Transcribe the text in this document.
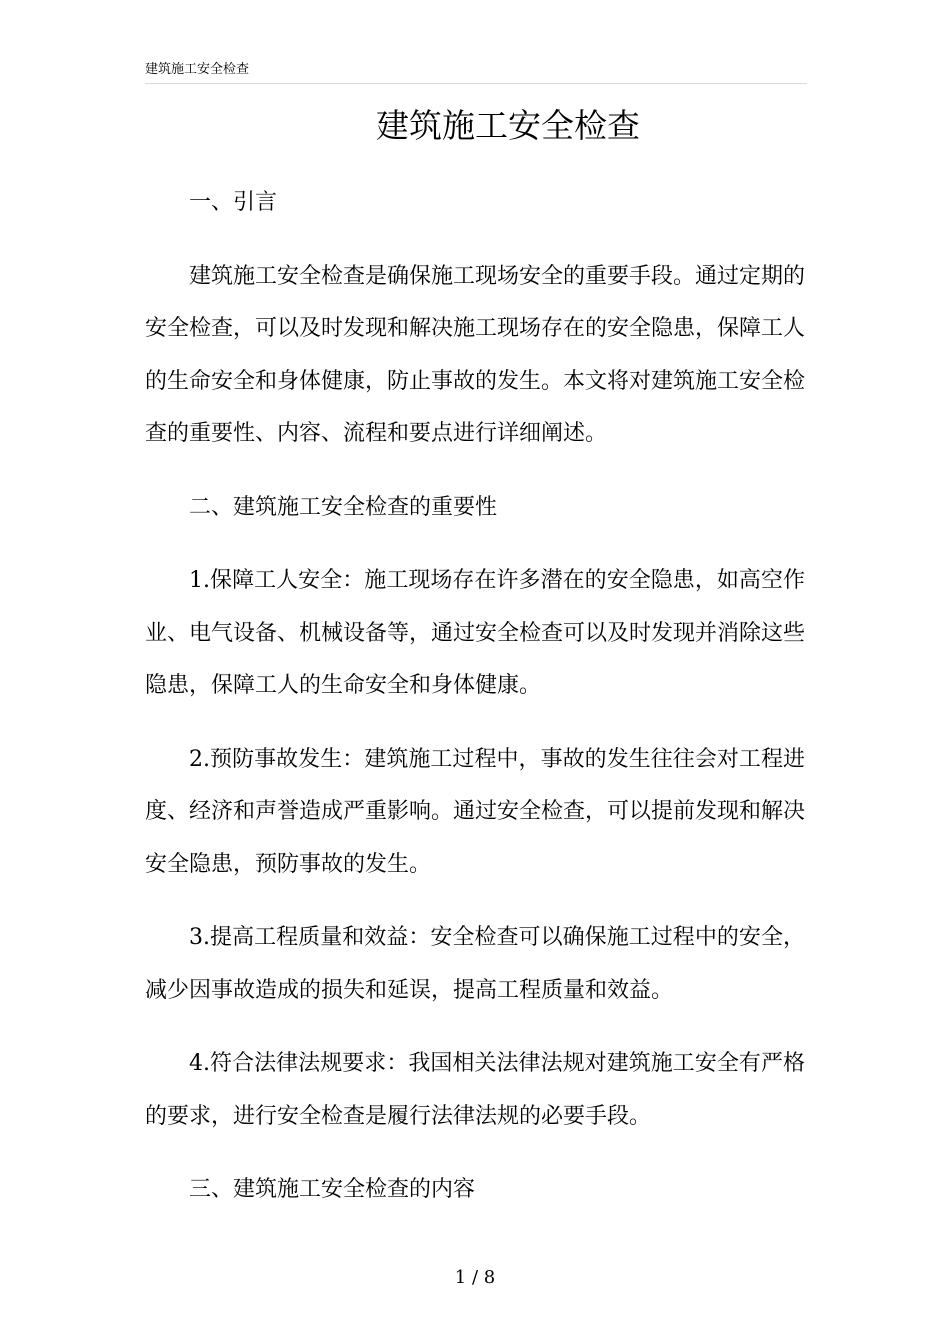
建筑施工安全检查
建筑施工安全检查

一、引言

建筑施工安全检查是确保施工现场安全的重要手段。通过定期的安全检查，可以及时发现和解决施工现场存在的安全隐患，保障工人的生命安全和身体健康，防止事故的发生。本文将对建筑施工安全检查的重要性、内容、流程和要点进行详细阐述。

二、建筑施工安全检查的重要性

1.保障工人安全：施工现场存在许多潜在的安全隐患，如高空作业、电气设备、机械设备等，通过安全检查可以及时发现并消除这些隐患，保障工人的生命安全和身体健康。

2.预防事故发生：建筑施工过程中，事故的发生往往会对工程进度、经济和声誉造成严重影响。通过安全检查，可以提前发现和解决安全隐患，预防事故的发生。

3.提高工程质量和效益：安全检查可以确保施工过程中的安全，减少因事故造成的损失和延误，提高工程质量和效益。

4.符合法律法规要求：我国相关法律法规对建筑施工安全有严格的要求，进行安全检查是履行法律法规的必要手段。

三、建筑施工安全检查的内容

1 / 8
